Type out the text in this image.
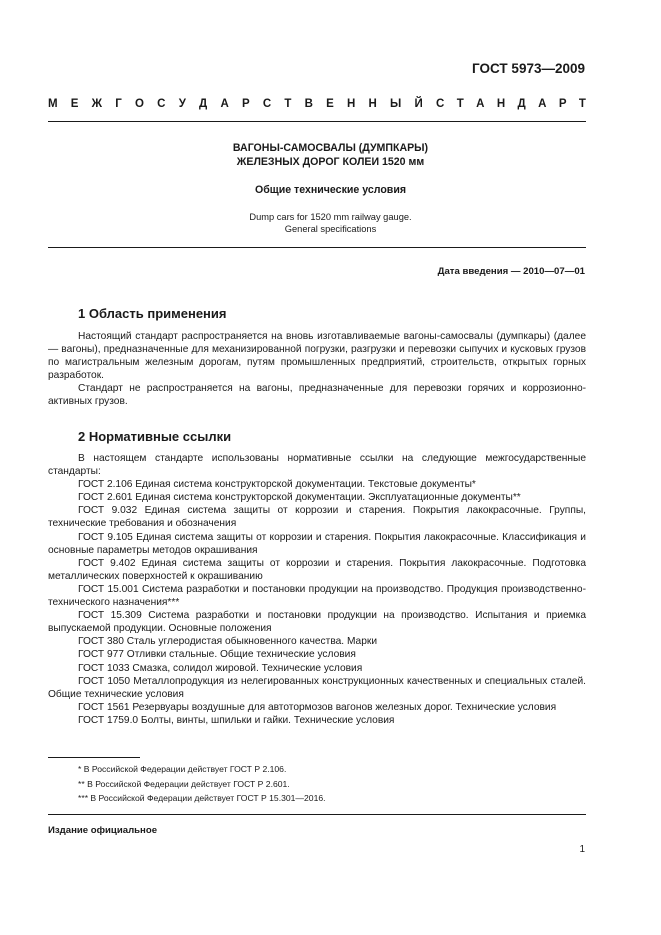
ГОСТ 5973—2009
М Е Ж Г О С У Д А Р С Т В Е Н Н Ы Й С Т А Н Д А Р Т
ВАГОНЫ-САМОСВАЛЫ (ДУМПКАРЫ)
ЖЕЛЕЗНЫХ ДОРОГ КОЛЕИ 1520 мм
Общие технические условия
Dump cars for 1520 mm railway gauge.
General specifications
Дата введения — 2010—07—01
1 Область применения

Настоящий стандарт распространяется на вновь изготавливаемые вагоны-самосвалы (думпкары) (далее — вагоны), предназначенные для механизированной погрузки, разгрузки и перевозки сыпучих и кусковых грузов по магистральным железным дорогам, путям промышленных предприятий, строительств, открытых горных разработок.

Стандарт не распространяется на вагоны, предназначенные для перевозки горячих и коррозионно-активных грузов.

2 Нормативные ссылки

В настоящем стандарте использованы нормативные ссылки на следующие межгосударственные стандарты:

ГОСТ 2.106 Единая система конструкторской документации. Текстовые документы*

ГОСТ 2.601 Единая система конструкторской документации. Эксплуатационные документы**

ГОСТ 9.032 Единая система защиты от коррозии и старения. Покрытия лакокрасочные. Группы, технические требования и обозначения

ГОСТ 9.105 Единая система защиты от коррозии и старения. Покрытия лакокрасочные. Классификация и основные параметры методов окрашивания

ГОСТ 9.402 Единая система защиты от коррозии и старения. Покрытия лакокрасочные. Подготовка металлических поверхностей к окрашиванию

ГОСТ 15.001 Система разработки и постановки продукции на производство. Продукция производственно-технического назначения***

ГОСТ 15.309 Система разработки и постановки продукции на производство. Испытания и приемка выпускаемой продукции. Основные положения

ГОСТ 380 Сталь углеродистая обыкновенного качества. Марки

ГОСТ 977 Отливки стальные. Общие технические условия

ГОСТ 1033 Смазка, солидол жировой. Технические условия

ГОСТ 1050 Металлопродукция из нелегированных конструкционных качественных и специальных сталей. Общие технические условия

ГОСТ 1561 Резервуары воздушные для автотормозов вагонов железных дорог. Технические условия

ГОСТ 1759.0 Болты, винты, шпильки и гайки. Технические условия

* В Российской Федерации действует ГОСТ Р 2.106.
** В Российской Федерации действует ГОСТ Р 2.601.
*** В Российской Федерации действует ГОСТ Р 15.301—2016.
Издание официальное
1
